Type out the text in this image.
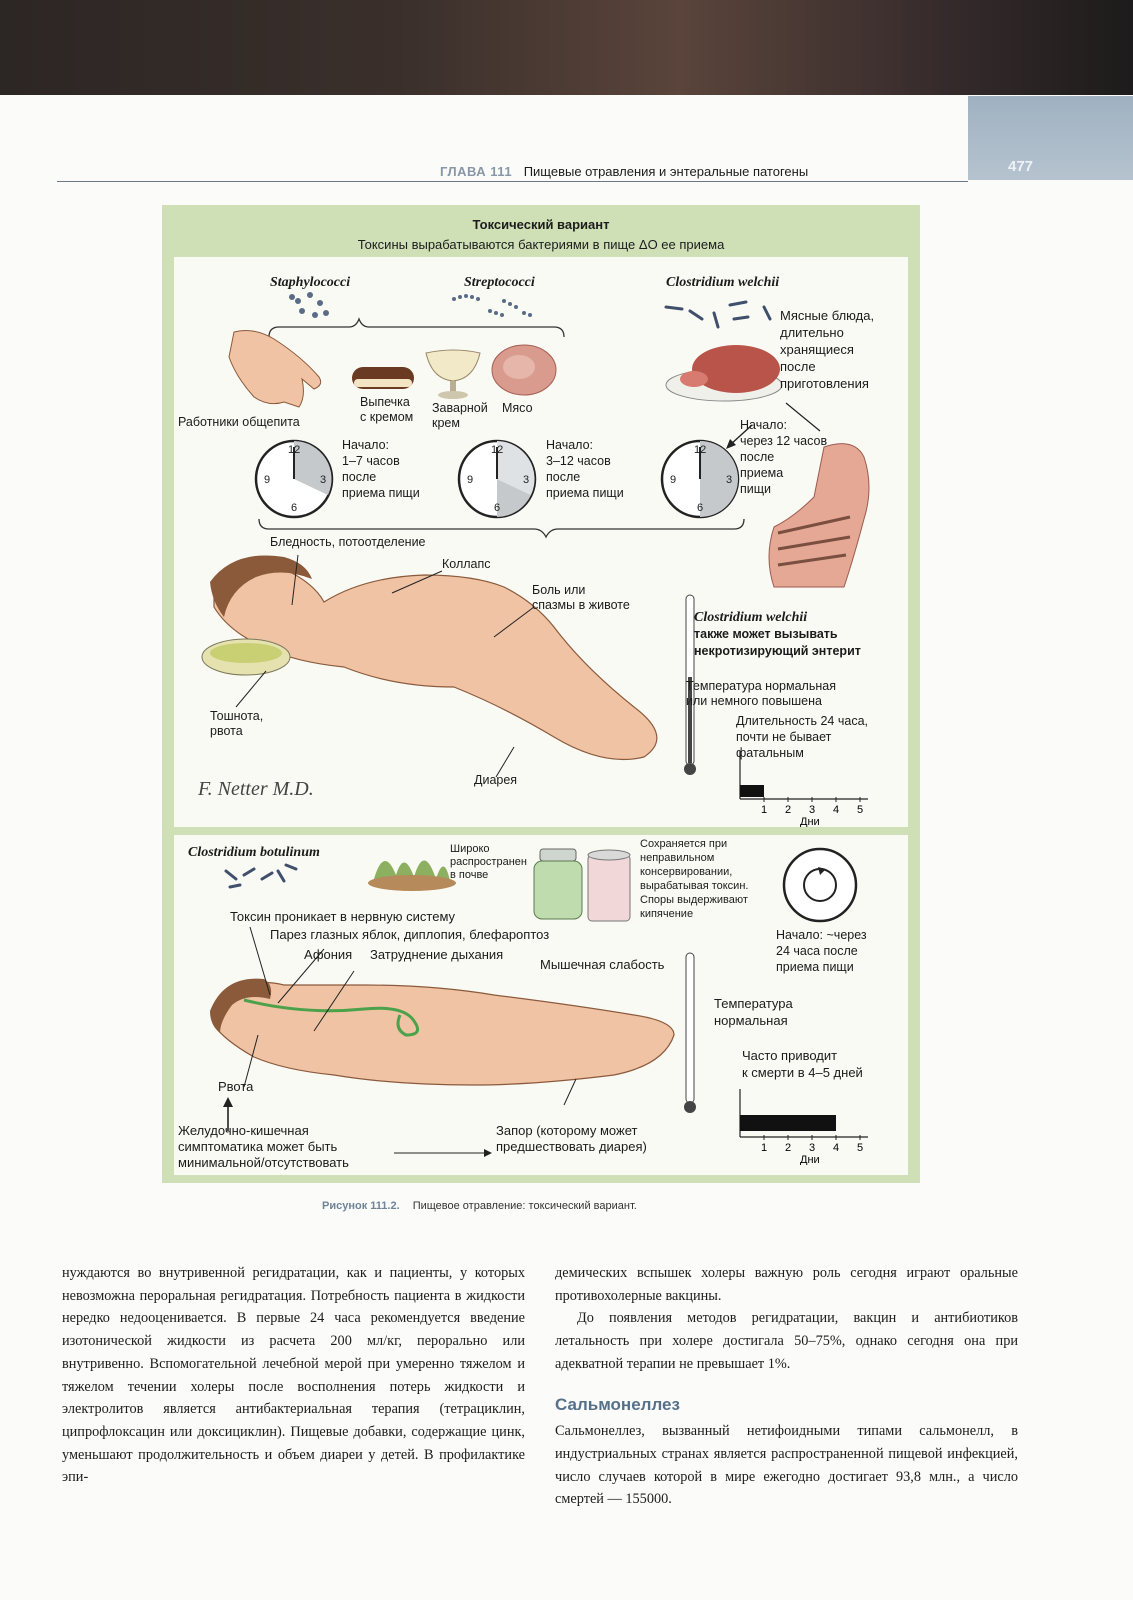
477
ГЛАВА 111 Пищевые отравления и энтеральные патогены
Токсический вариант
Токсины вырабатываются бактериями в пище ΔO ее приема
12
3
9
6
12
3
9
6
12
3
9
6
F. Netter M.D.
1 2 3 4 5
Дни
Staphylococci	Streptococci	Clostridium welchii
Мясные блюда,
длительно
хранящиеся
после
приготовления
Выпечка
с кремом
Заварной
крем
Мясо
Работники общепита
Начало:
1–7 часов
после
приема пищи
Начало:
3–12 часов
после
приема пищи
Начало:
через 12 часов
после
приема
пищи
Бледность, потоотделение
Коллапс
Боль или
спазмы в животе
Clostridium welchii
также может вызывать
некротизирующий энтерит
Температура нормальная
или немного повышена
Длительность 24 часа,
почти не бывает
фатальным
Тошнота,
рвота
Диарея
1 2 3 4 5
Дни
Clostridium botulinum	Широко
распространен
в почве
Сохраняется при
неправильном
консервировании,
вырабатывая токсин.
Споры выдерживают
кипячение
Начало: ~через
24 часа после
приема пищи
Токсин проникает в нервную систему
Парез глазных яблок, диплопия, блефароптоз
Афония Затруднение дыхания
Мышечная слабость
Температура
нормальная
Часто приводит
к смерти в 4–5 дней
Рвота
Желудочно-кишечная
симптоматика может быть
минимальной/отсутствовать
Запор (которому может
предшествовать диарея)
Рисунок 111.2. Пищевое отравление: токсический вариант.

нуждаются во внутривенной регидратации, как и пациенты, у которых невозможна пероральная регидратация. Потребность пациента в жидкости нередко недооценивается. В первые 24 часа рекомендуется введение изотонической жидкости из расчета 200 мл/кг, перорально или внутривенно. Вспомогательной лечебной мерой при умеренно тяжелом и тяжелом течении холеры после восполнения потерь жидкости и электролитов является антибактериальная терапия (тетрациклин, ципрофлоксацин или доксициклин). Пищевые добавки, содержащие цинк, уменьшают продолжительность и объем диареи у детей. В профилактике эпи-

демических вспышек холеры важную роль сегодня играют оральные противохолерные вакцины.

До появления методов регидратации, вакцин и антибиотиков летальность при холере достигала 50–75%, однако сегодня она при адекватной терапии не превышает 1%.

Сальмонеллез

Сальмонеллез, вызванный нетифоидными типами сальмонелл, в индустриальных странах является распространенной пищевой инфекцией, число случаев которой в мире ежегодно достигает 93,8 млн., а число смертей — 155000.
